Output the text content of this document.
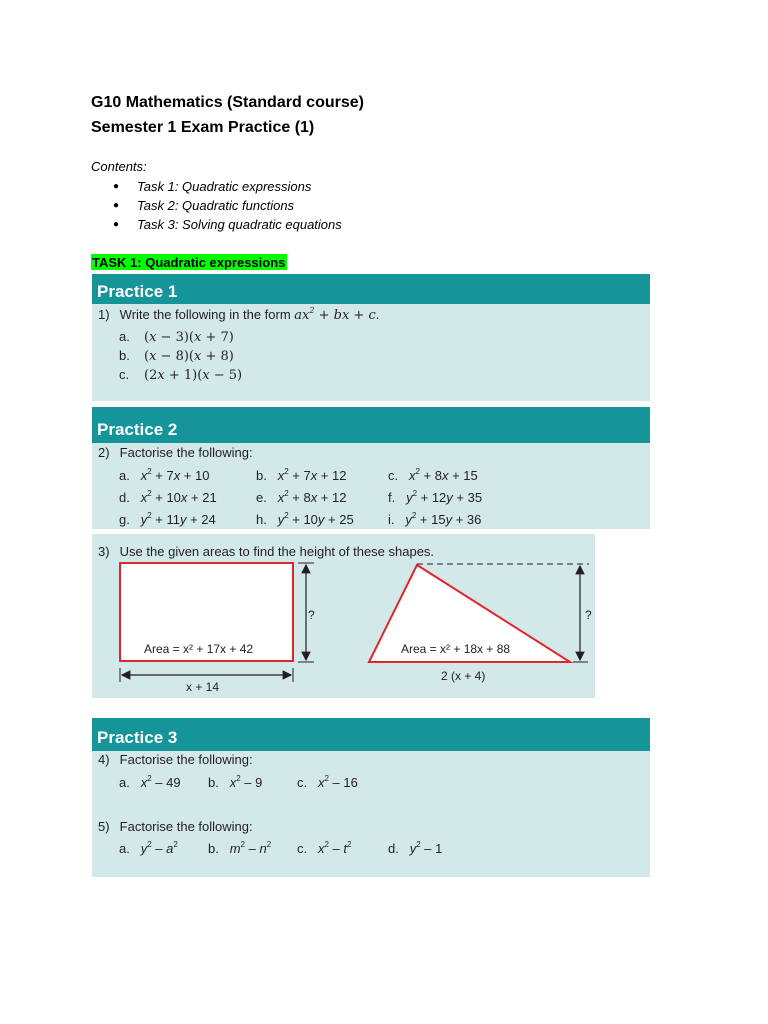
G10 Mathematics (Standard course)
Semester 1 Exam Practice (1)
Contents:
● Task 1: Quadratic expressions
● Task 2: Quadratic functions
● Task 3: Solving quadratic equations
TASK 1: Quadratic expressions
Practice 1
1)  Write the following in the form $ax^2$ + bx + c.
a. (x − 3)(x + 7)
b. (x − 8)(x + 8)
c. (2x + 1)(x − 5)
Practice 2
2)  Factorise the following:
a.   $x^2 + 7x + 10$	b.   $x^2 + 7x + 12$	c.   $x^2 + 8x + 15$
d.   $x^2 + 10x + 21$	e.   $x^2 + 8x + 12$	f.   $y^2 + 12y + 35$
g.   $y^2 + 11y + 24$	h.   $y^2 + 10y + 25$	i.   $y^2 + 15y + 36$
3)  Use the given areas to find the height of these shapes.
Area = x² + 17x + 42
x + 14
?
Area = x² + 18x + 88
2 (x + 4)
?
Practice 3
4)  Factorise the following:
a.   $x^2 - 49$ b.   $x^2 - 9$	c.   $x^2 - 16$
5)  Factorise the following:
a.   $y^2 - a^2$ b.   $m^2 - n^2$ c.   $x^2 - t^2$	d.   $y^2 - 1$
